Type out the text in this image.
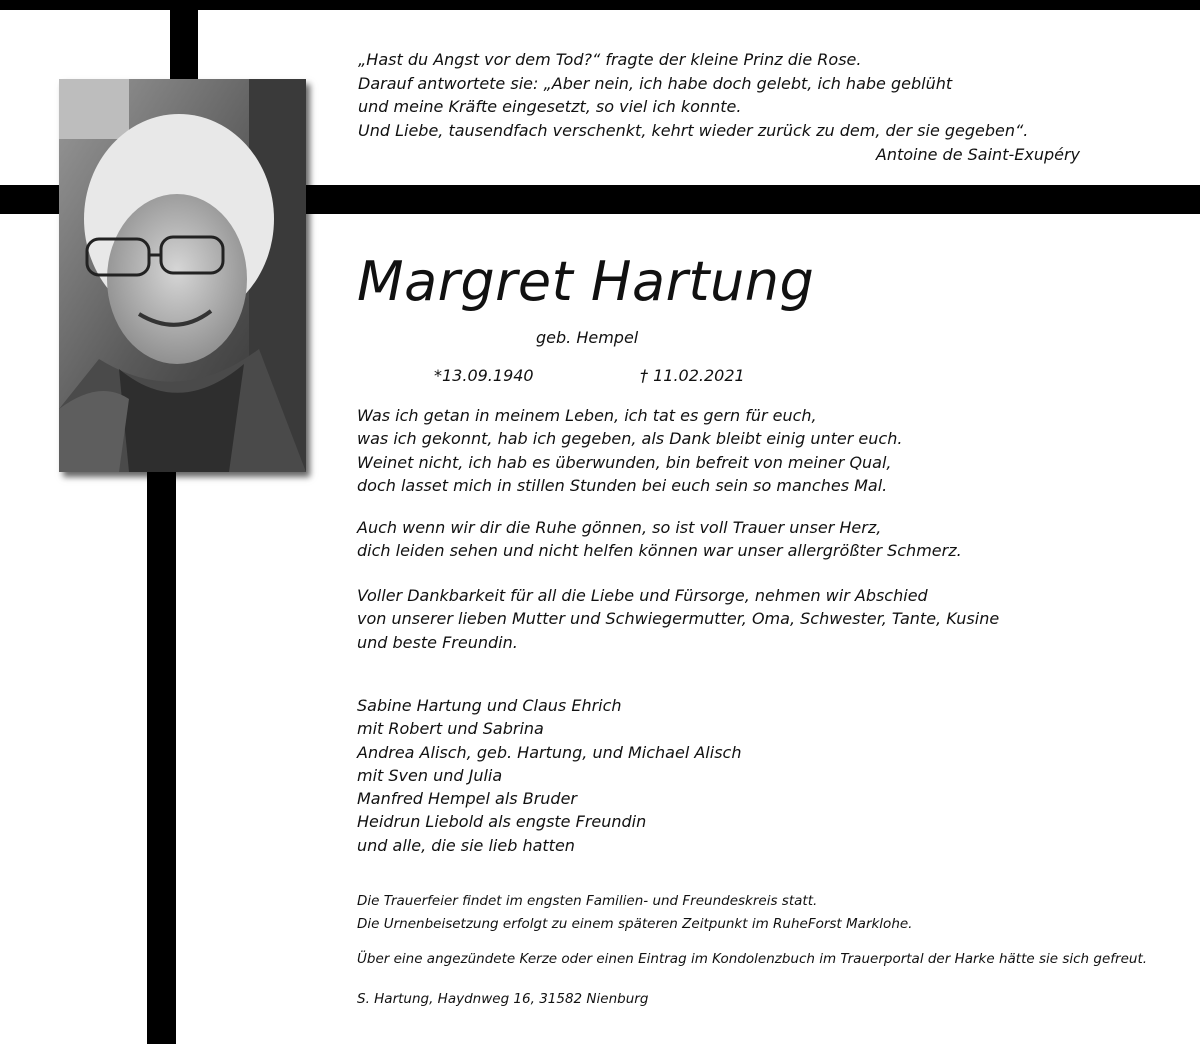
„Hast du Angst vor dem Tod?“ fragte der kleine Prinz die Rose.
Darauf antwortete sie: „Aber nein, ich habe doch gelebt, ich habe geblüht
und meine Kräfte eingesetzt, so viel ich konnte.
Und Liebe, tausendfach verschenkt, kehrt wieder zurück zu dem, der sie gegeben“.
Antoine de Saint-Exupéry
Margret Hartung
geb. Hempel
*13.09.1940	† 11.02.2021
Was ich getan in meinem Leben, ich tat es gern für euch,
was ich gekonnt, hab ich gegeben, als Dank bleibt einig unter euch.
Weinet nicht, ich hab es überwunden, bin befreit von meiner Qual,
doch lasset mich in stillen Stunden bei euch sein so manches Mal.
Auch wenn wir dir die Ruhe gönnen, so ist voll Trauer unser Herz,
dich leiden sehen und nicht helfen können war unser allergrößter Schmerz.
Voller Dankbarkeit für all die Liebe und Fürsorge, nehmen wir Abschied
von unserer lieben Mutter und Schwiegermutter, Oma, Schwester, Tante, Kusine
und beste Freundin.
Sabine Hartung und Claus Ehrich
mit Robert und Sabrina
Andrea Alisch, geb. Hartung, und Michael Alisch
mit Sven und Julia
Manfred Hempel als Bruder
Heidrun Liebold als engste Freundin
und alle, die sie lieb hatten
Die Trauerfeier findet im engsten Familien- und Freundeskreis statt.
Die Urnenbeisetzung erfolgt zu einem späteren Zeitpunkt im RuheForst Marklohe.
Über eine angezündete Kerze oder einen Eintrag im Kondolenzbuch im Trauerportal der Harke hätte sie sich gefreut.
S. Hartung, Haydnweg 16, 31582 Nienburg
